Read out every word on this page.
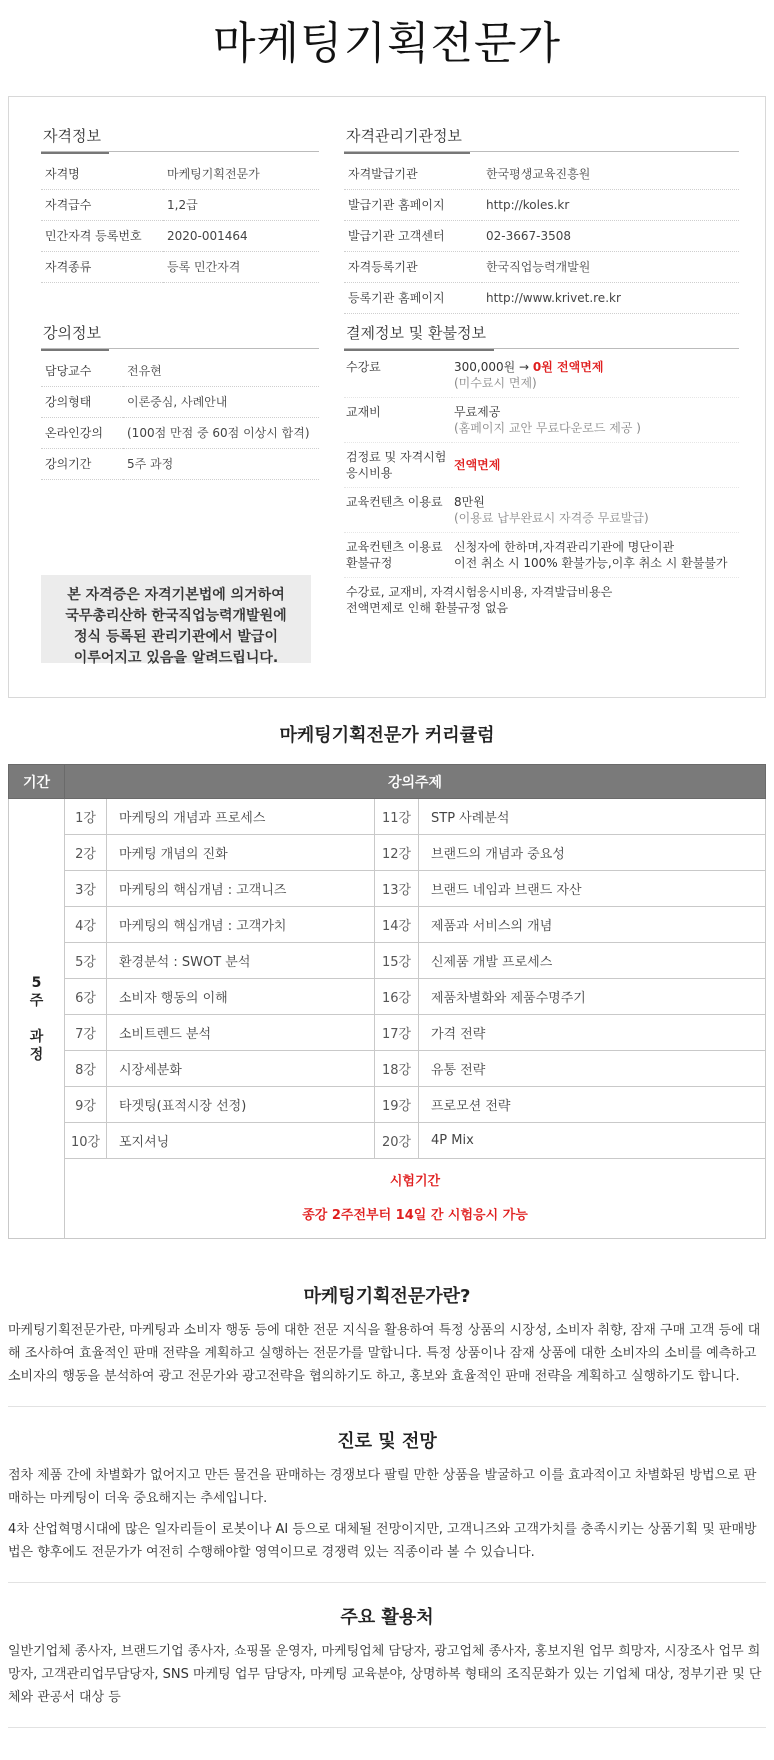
마케팅기획전문가
자격정보
자격명	마케팅기획전문가
자격급수	1,2급
민간자격 등록번호	2020-001464
자격종류	등록 민간자격
자격관리기관정보
자격발급기관	한국평생교육진흥원
발급기관 홈페이지	http://koles.kr
발급기관 고객센터	02-3667-3508
자격등록기관	한국직업능력개발원
등록기관 홈페이지	http://www.krivet.re.kr
강의정보
담당교수	전유현
강의형태	이론중심, 사례안내
온라인강의	(100점 만점 중 60점 이상시 합격)
강의기간	5주 과정
결제정보 및 환불정보
수강료	300,000원 → 0원 전액면제
(미수료시 면제)
교재비	무료제공
(홈페이지 교안 무료다운로드 제공 )
검정료 및 자격시험
응시비용	전액면제
교육컨텐츠 이용료	8만원
(이용료 납부완료시 자격증 무료발급)
교육컨텐츠 이용료
환불규정	신청자에 한하며,자격관리기관에 명단이관
이전 취소 시 100% 환불가능,이후 취소 시 환불불가
수강료, 교재비, 자격시험응시비용, 자격발급비용은
전액면제로 인해 환불규정 없음	
본 자격증은 자격기본법에 의거하여
국무총리산하 한국직업능력개발원에
정식 등록된 관리기관에서 발급이
이루어지고 있음을 알려드립니다.
마케팅기획전문가 커리큘럼
기간	강의주제			

5
주
과
정	1강	마케팅의 개념과 프로세스	11강	STP 사례분석
	2강	마케팅 개념의 진화	12강	브랜드의 개념과 중요성
	3강	마케팅의 핵심개념 : 고객니즈	13강	브랜드 네임과 브랜드 자산
	4강	마케팅의 핵심개념 : 고객가치	14강	제품과 서비스의 개념
	5강	환경분석 : SWOT 분석	15강	신제품 개발 프로세스
	6강	소비자 행동의 이해	16강	제품차별화와 제품수명주기
	7강	소비트렌드 분석	17강	가격 전략
	8강	시장세분화	18강	유통 전략
	9강	타겟팅(표적시장 선정)	19강	프로모션 전략
	10강	포지셔닝	20강	4P Mix

	시험기간
종강 2주전부터 14일 간 시험응시 가능			
마케팅기획전문가란?

마케팅기획전문가란, 마케팅과 소비자 행동 등에 대한 전문 지식을 활용하여 특정 상품의 시장성, 소비자 취향, 잠재 구매 고객 등에 대해 조사하여 효율적인 판매 전략을 계획하고 실행하는 전문가를 말합니다. 특정 상품이나 잠재 상품에 대한 소비자의 소비를 예측하고 소비자의 행동을 분석하여 광고 전문가와 광고전략을 협의하기도 하고, 홍보와 효율적인 판매 전략을 계획하고 실행하기도 합니다.

진로 및 전망

점차 제품 간에 차별화가 없어지고 만든 물건을 판매하는 경쟁보다 팔릴 만한 상품을 발굴하고 이를 효과적이고 차별화된 방법으로 판매하는 마케팅이 더욱 중요해지는 추세입니다.

4차 산업혁명시대에 많은 일자리들이 로봇이나 AI 등으로 대체될 전망이지만, 고객니즈와 고객가치를 충족시키는 상품기획 및 판매방법은 향후에도 전문가가 여전히 수행해야할 영역이므로 경쟁력 있는 직종이라 볼 수 있습니다.

주요 활용처

일반기업체 종사자, 브랜드기업 종사자, 쇼핑몰 운영자, 마케팅업체 담당자, 광고업체 종사자, 홍보지원 업무 희망자, 시장조사 업무 희망자, 고객관리업무담당자, SNS 마케팅 업무 담당자, 마케팅 교육분야, 상명하복 형태의 조직문화가 있는 기업체 대상, 정부기관 및 단체와 관공서 대상 등
